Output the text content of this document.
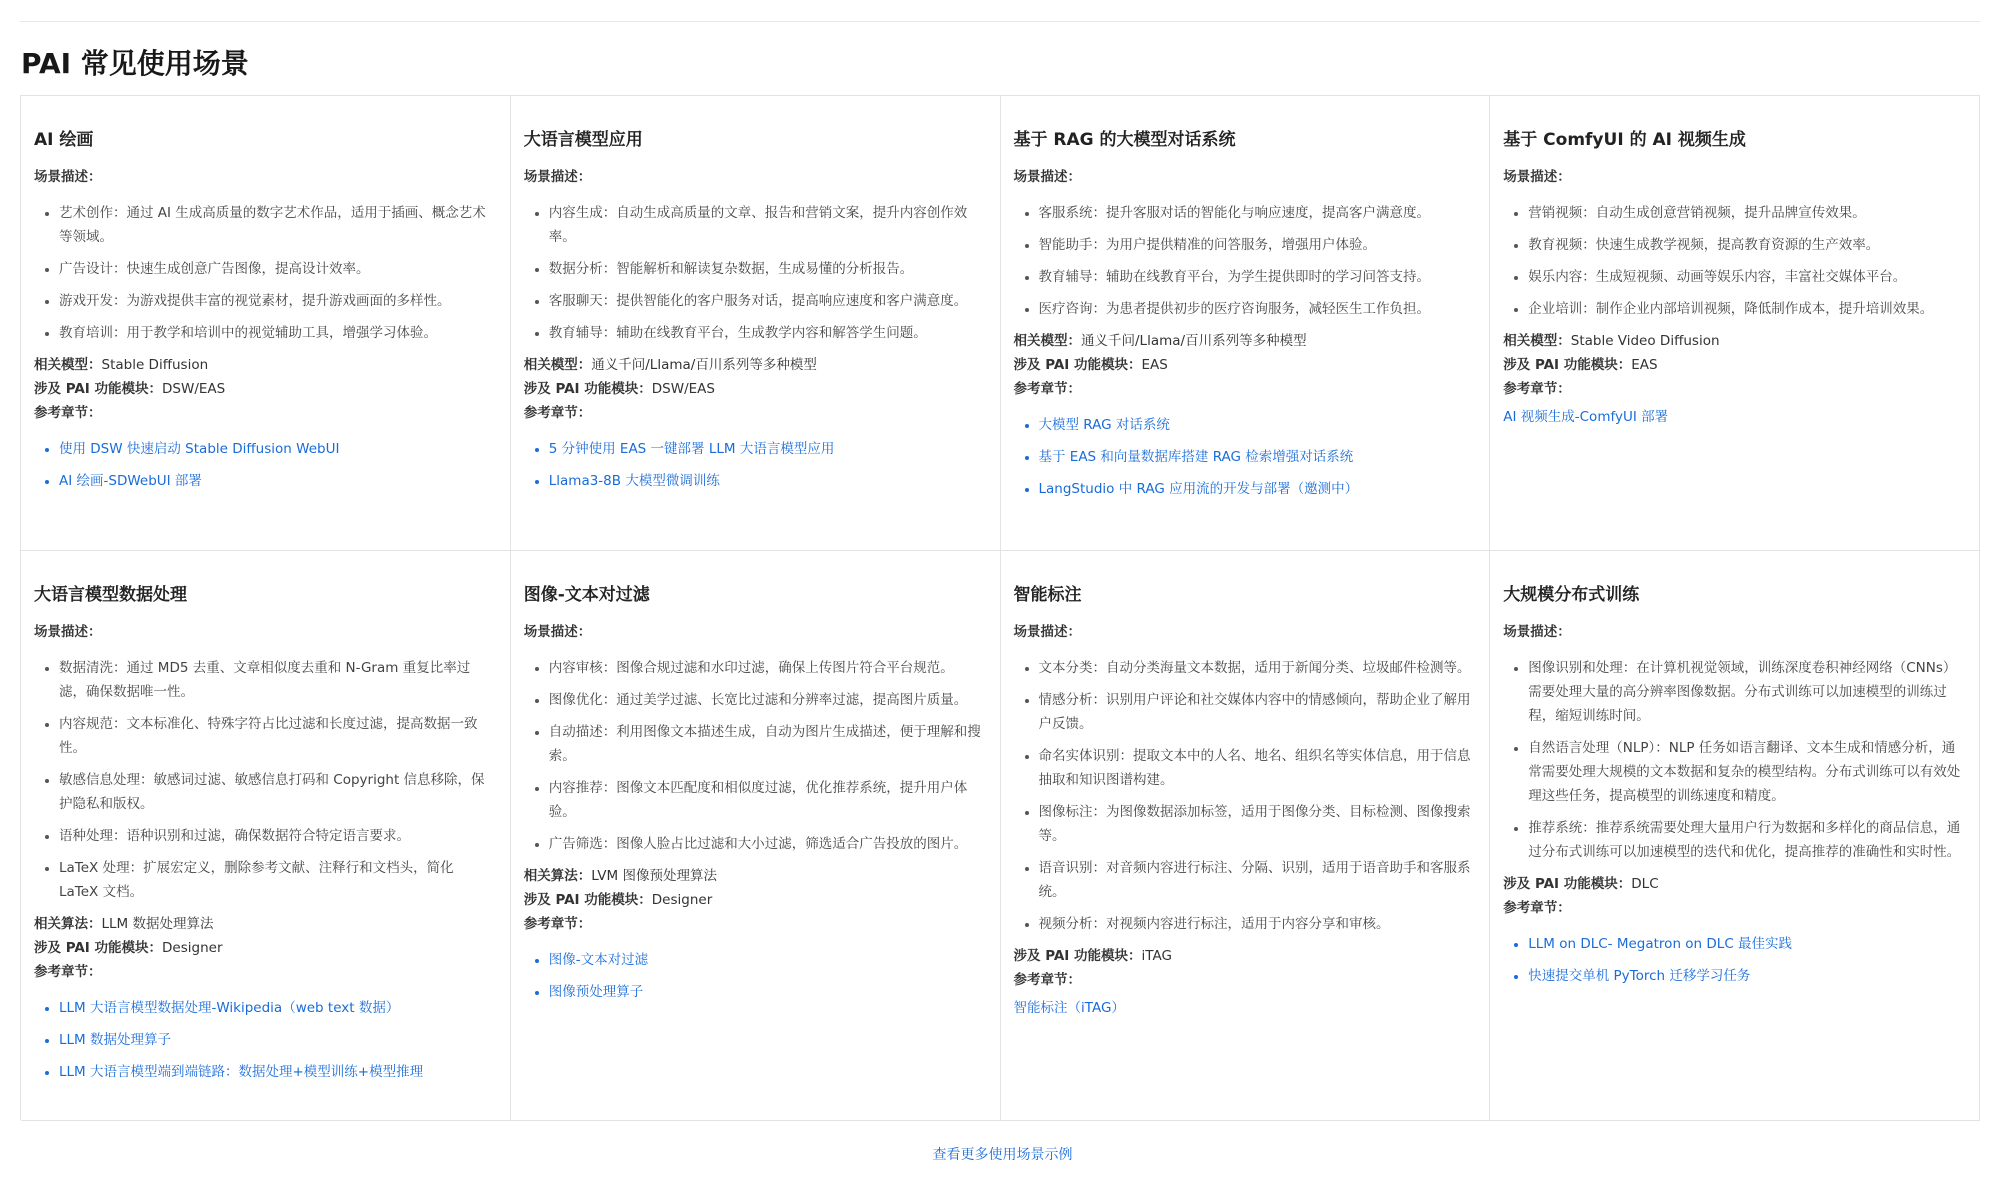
PAI 常见使用场景
AI 绘画
场景描述：
艺术创作：通过 AI 生成高质量的数字艺术作品，适用于插画、概念艺术等领域。
广告设计：快速生成创意广告图像，提高设计效率。
游戏开发：为游戏提供丰富的视觉素材，提升游戏画面的多样性。
教育培训：用于教学和培训中的视觉辅助工具，增强学习体验。
相关模型：Stable Diffusion
涉及 PAI 功能模块：DSW/EAS
参考章节：
使用 DSW 快速启动 Stable Diffusion WebUI
AI 绘画-SDWebUI 部署
大语言模型应用
场景描述：
内容生成：自动生成高质量的文章、报告和营销文案，提升内容创作效率。
数据分析：智能解析和解读复杂数据，生成易懂的分析报告。
客服聊天：提供智能化的客户服务对话，提高响应速度和客户满意度。
教育辅导：辅助在线教育平台，生成教学内容和解答学生问题。
相关模型：通义千问/Llama/百川系列等多种模型
涉及 PAI 功能模块：DSW/EAS
参考章节：
5 分钟使用 EAS 一键部署 LLM 大语言模型应用
Llama3-8B 大模型微调训练
基于 RAG 的大模型对话系统
场景描述：
客服系统：提升客服对话的智能化与响应速度，提高客户满意度。
智能助手：为用户提供精准的问答服务，增强用户体验。
教育辅导：辅助在线教育平台，为学生提供即时的学习问答支持。
医疗咨询：为患者提供初步的医疗咨询服务，减轻医生工作负担。
相关模型：通义千问/Llama/百川系列等多种模型
涉及 PAI 功能模块：EAS
参考章节：
大模型 RAG 对话系统
基于 EAS 和向量数据库搭建 RAG 检索增强对话系统
LangStudio 中 RAG 应用流的开发与部署（邀测中）
基于 ComfyUI 的 AI 视频生成
场景描述：
营销视频：自动生成创意营销视频，提升品牌宣传效果。
教育视频：快速生成教学视频，提高教育资源的生产效率。
娱乐内容：生成短视频、动画等娱乐内容，丰富社交媒体平台。
企业培训：制作企业内部培训视频，降低制作成本，提升培训效果。
相关模型：Stable Video Diffusion
涉及 PAI 功能模块：EAS
参考章节：
AI 视频生成-ComfyUI 部署
大语言模型数据处理
场景描述：
数据清洗：通过 MD5 去重、文章相似度去重和 N-Gram 重复比率过滤，确保数据唯一性。
内容规范：文本标准化、特殊字符占比过滤和长度过滤，提高数据一致性。
敏感信息处理：敏感词过滤、敏感信息打码和 Copyright 信息移除，保护隐私和版权。
语种处理：语种识别和过滤，确保数据符合特定语言要求。
LaTeX 处理：扩展宏定义，删除参考文献、注释行和文档头，简化 LaTeX 文档。
相关算法：LLM 数据处理算法
涉及 PAI 功能模块：Designer
参考章节：
LLM 大语言模型数据处理-Wikipedia（web text 数据）
LLM 数据处理算子
LLM 大语言模型端到端链路：数据处理+模型训练+模型推理
图像-文本对过滤
场景描述：
内容审核：图像合规过滤和水印过滤，确保上传图片符合平台规范。
图像优化：通过美学过滤、长宽比过滤和分辨率过滤，提高图片质量。
自动描述：利用图像文本描述生成，自动为图片生成描述，便于理解和搜索。
内容推荐：图像文本匹配度和相似度过滤，优化推荐系统，提升用户体验。
广告筛选：图像人脸占比过滤和大小过滤，筛选适合广告投放的图片。
相关算法：LVM 图像预处理算法
涉及 PAI 功能模块：Designer
参考章节：
图像-文本对过滤
图像预处理算子
智能标注
场景描述：
文本分类：自动分类海量文本数据，适用于新闻分类、垃圾邮件检测等。
情感分析：识别用户评论和社交媒体内容中的情感倾向，帮助企业了解用户反馈。
命名实体识别：提取文本中的人名、地名、组织名等实体信息，用于信息抽取和知识图谱构建。
图像标注：为图像数据添加标签，适用于图像分类、目标检测、图像搜索等。
语音识别：对音频内容进行标注、分隔、识别，适用于语音助手和客服系统。
视频分析：对视频内容进行标注，适用于内容分享和审核。
涉及 PAI 功能模块：iTAG
参考章节：
智能标注（iTAG）
大规模分布式训练
场景描述：
图像识别和处理：在计算机视觉领域，训练深度卷积神经网络（CNNs）需要处理大量的高分辨率图像数据。分布式训练可以加速模型的训练过程，缩短训练时间。
自然语言处理（NLP）：NLP 任务如语言翻译、文本生成和情感分析，通常需要处理大规模的文本数据和复杂的模型结构。分布式训练可以有效处理这些任务，提高模型的训练速度和精度。
推荐系统：推荐系统需要处理大量用户行为数据和多样化的商品信息，通过分布式训练可以加速模型的迭代和优化，提高推荐的准确性和实时性。
涉及 PAI 功能模块：DLC
参考章节：
LLM on DLC- Megatron on DLC 最佳实践
快速提交单机 PyTorch 迁移学习任务
查看更多使用场景示例
